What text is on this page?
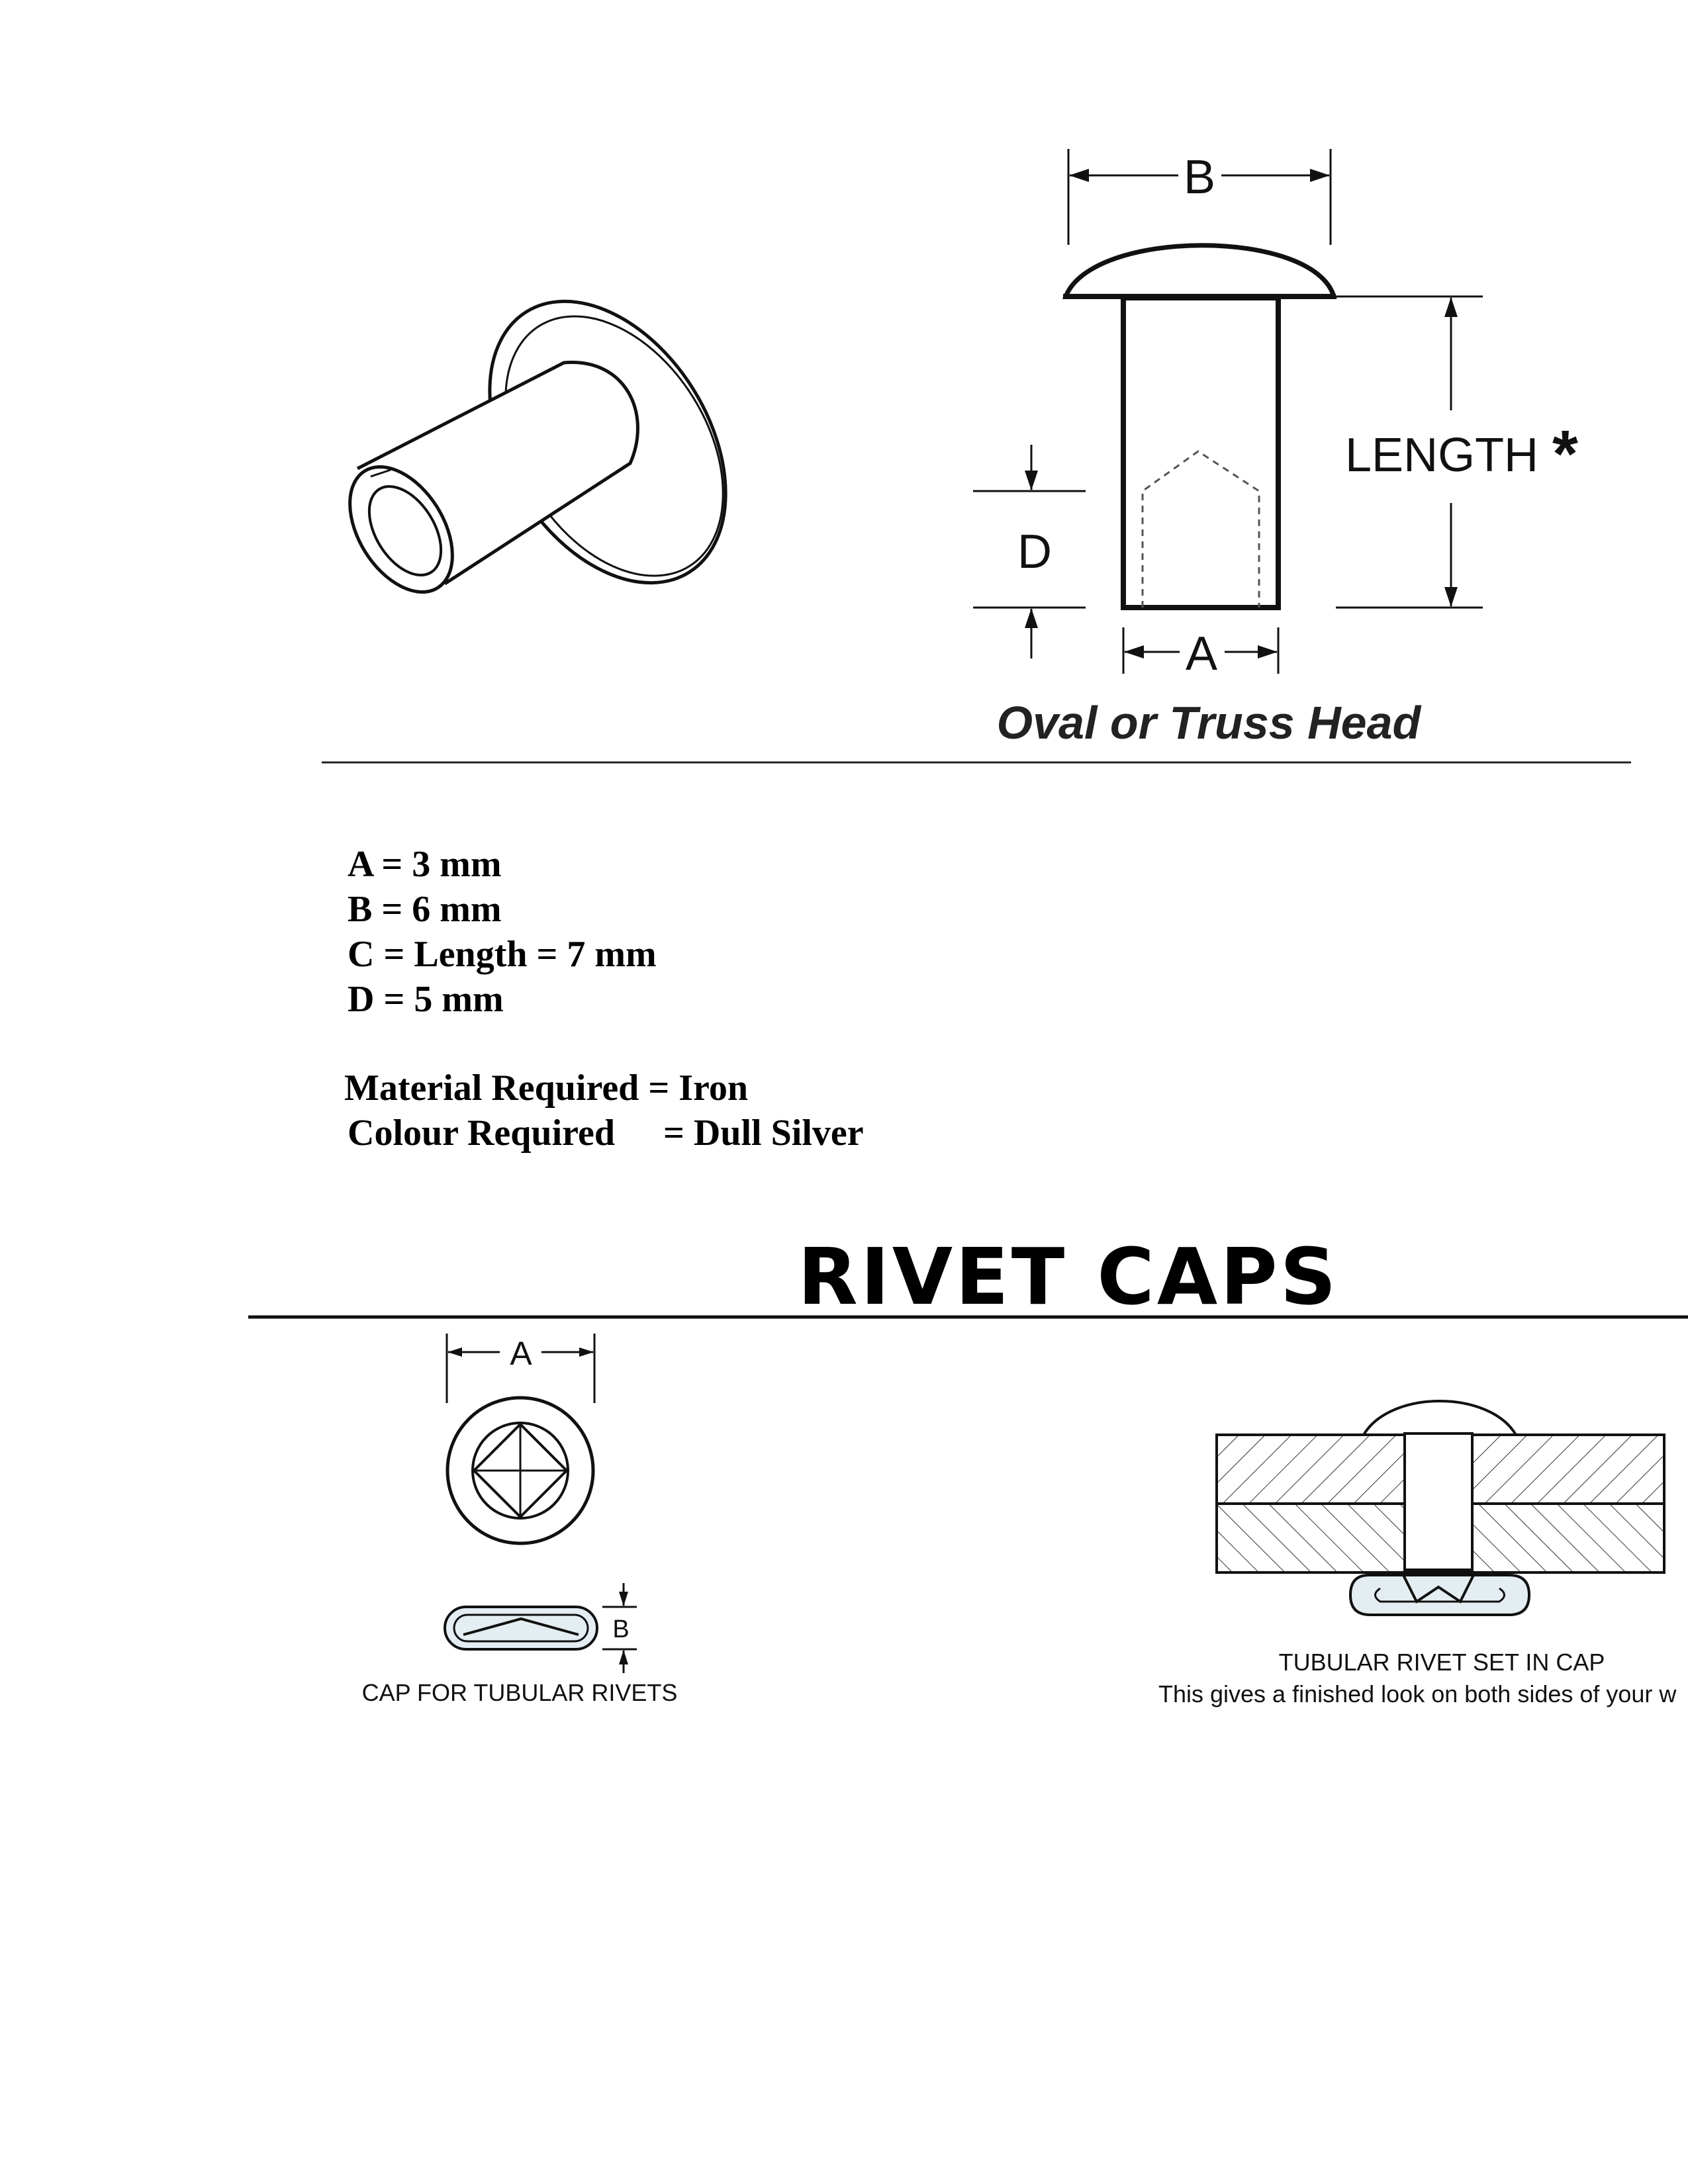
B
LENGTH *
D
A
Oval or Truss Head
A = 3 mm
B = 6 mm
C = Length = 7 mm
D = 5 mm
Material Required = Iron
Colour Required = Dull Silver
RIVET CAPS
A
B
CAP FOR TUBULAR RIVETS
TUBULAR RIVET SET IN CAP
This gives a finished look on both sides of your w
